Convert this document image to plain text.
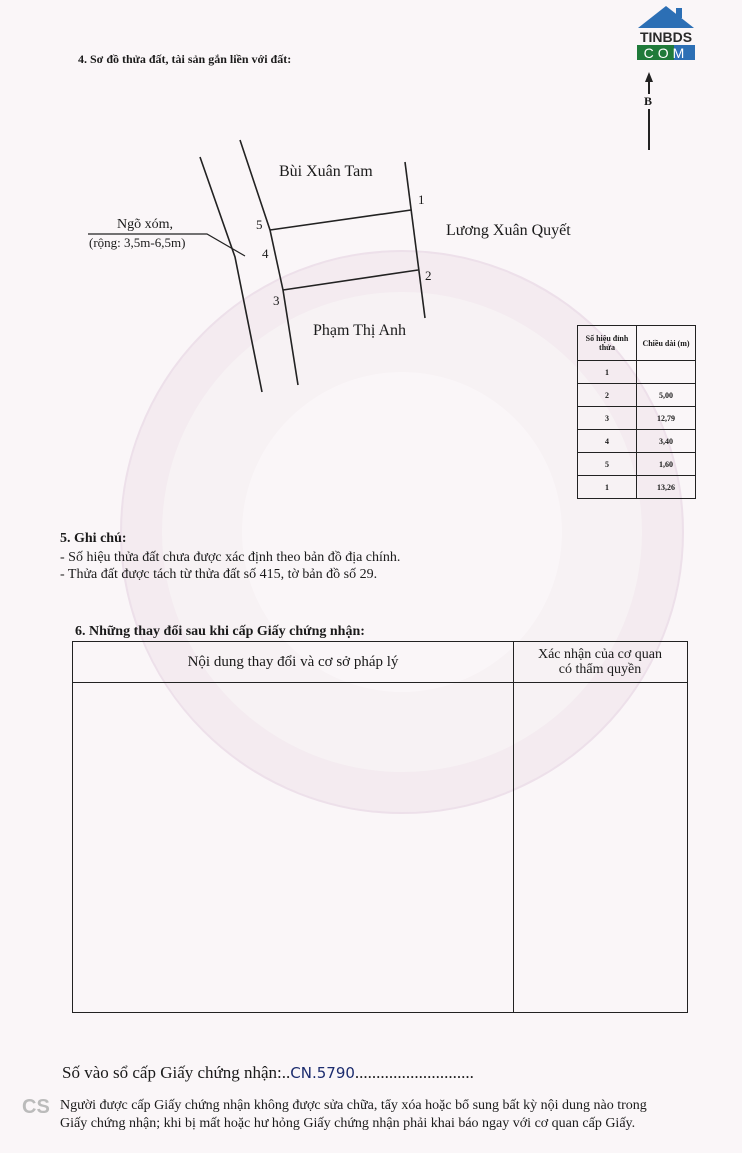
TINBDS
COM
4. Sơ đồ thửa đất, tài sản gắn liền với đất:
B
Bùi Xuân Tam
Lương Xuân Quyết
Phạm Thị Anh
Ngõ xóm,
(rộng: 3,5m-6,5m)
1
2
3
4
5
Số hiệu đỉnh thửa	Chiều dài (m)
1	
2	5,00
3	12,79
4	3,40
5	1,60
1	13,26
5. Ghi chú:
- Số hiệu thửa đất chưa được xác định theo bản đồ địa chính.
- Thửa đất được tách từ thửa đất số 415, tờ bản đồ số 29.
6. Những thay đổi sau khi cấp Giấy chứng nhận:
Nội dung thay đổi và cơ sở pháp lý	Xác nhận của cơ quan
có thẩm quyền
Số vào sổ cấp Giấy chứng nhận:..CN.5790............................
CS Người được cấp Giấy chứng nhận không được sửa chữa, tẩy xóa hoặc bổ sung bất kỳ nội dung nào trong
Giấy chứng nhận; khi bị mất hoặc hư hỏng Giấy chứng nhận phải khai báo ngay với cơ quan cấp Giấy.
